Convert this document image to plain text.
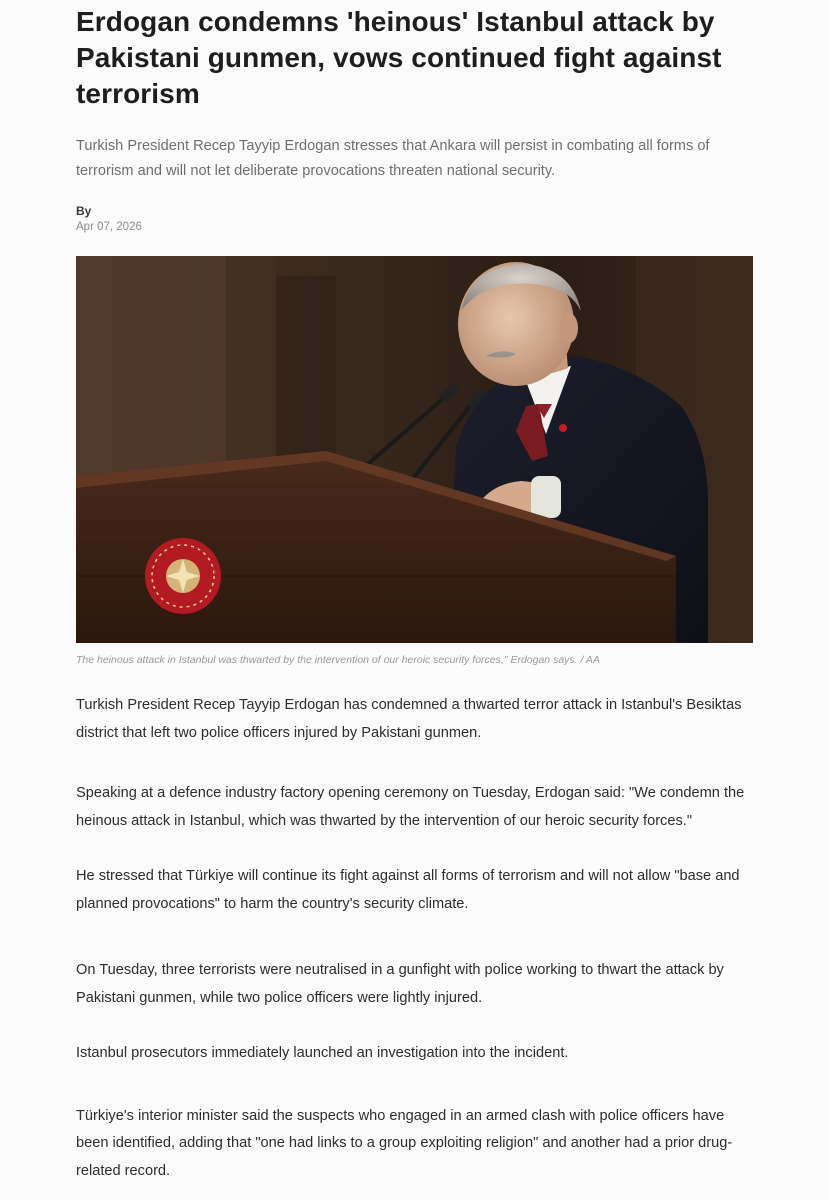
Erdogan condemns 'heinous' Istanbul attack by Pakistani gunmen, vows continued fight against terrorism

Turkish President Recep Tayyip Erdogan stresses that Ankara will persist in combating all forms of terrorism and will not let deliberate provocations threaten national security.

By
Apr 07, 2026
The heinous attack in Istanbul was thwarted by the intervention of our heroic security forces," Erdogan says. / AA

Turkish President Recep Tayyip Erdogan has condemned a thwarted terror attack in Istanbul's Besiktas district that left two police officers injured by Pakistani gunmen.

Speaking at a defence industry factory opening ceremony on Tuesday, Erdogan said: "We condemn the heinous attack in Istanbul, which was thwarted by the intervention of our heroic security forces."

He stressed that Türkiye will continue its fight against all forms of terrorism and will not allow "base and planned provocations" to harm the country's security climate.

On Tuesday, three terrorists were neutralised in a gunfight with police working to thwart the attack by Pakistani gunmen, while two police officers were lightly injured.

Istanbul prosecutors immediately launched an investigation into the incident.

Türkiye's interior minister said the suspects who engaged in an armed clash with police officers have been identified, adding that "one had links to a group exploiting religion" and another had a prior drug-related record.
